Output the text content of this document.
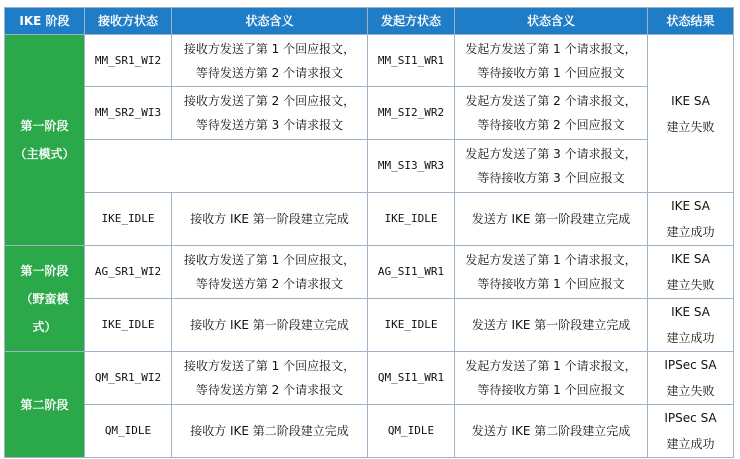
IKE 阶段	接收方状态	状态含义	发起方状态	状态含义	状态结果
第一阶段
（主模式）	MM_SR1_WI2	接收方发送了第 1 个回应报文，
等待发送方第 2 个请求报文	MM_SI1_WR1	发起方发送了第 1 个请求报文，
等待接收方第 1 个回应报文	IKE SA
建立失败
	MM_SR2_WI3	接收方发送了第 2 个回应报文，
等待发送方第 3 个请求报文	MM_SI2_WR2	发起方发送了第 2 个请求报文，
等待接收方第 2 个回应报文	
			MM_SI3_WR3	发起方发送了第 3 个请求报文，
等待接收方第 3 个回应报文	
	IKE_IDLE	接收方 IKE 第一阶段建立完成	IKE_IDLE	发送方 IKE 第一阶段建立完成	IKE SA
建立成功
第一阶段
（野蛮模
式）	AG_SR1_WI2	接收方发送了第 1 个回应报文，
等待发送方第 2 个请求报文	AG_SI1_WR1	发起方发送了第 1 个请求报文，
等待接收方第 1 个回应报文	IKE SA
建立失败
	IKE_IDLE	接收方 IKE 第一阶段建立完成	IKE_IDLE	发送方 IKE 第一阶段建立完成	IKE SA
建立成功
第二阶段	QM_SR1_WI2	接收方发送了第 1 个回应报文，
等待发送方第 2 个请求报文	QM_SI1_WR1	发起方发送了第 1 个请求报文，
等待接收方第 1 个回应报文	IPSec SA
建立失败
	QM_IDLE	接收方 IKE 第二阶段建立完成	QM_IDLE	发送方 IKE 第二阶段建立完成	IPSec SA
建立成功
